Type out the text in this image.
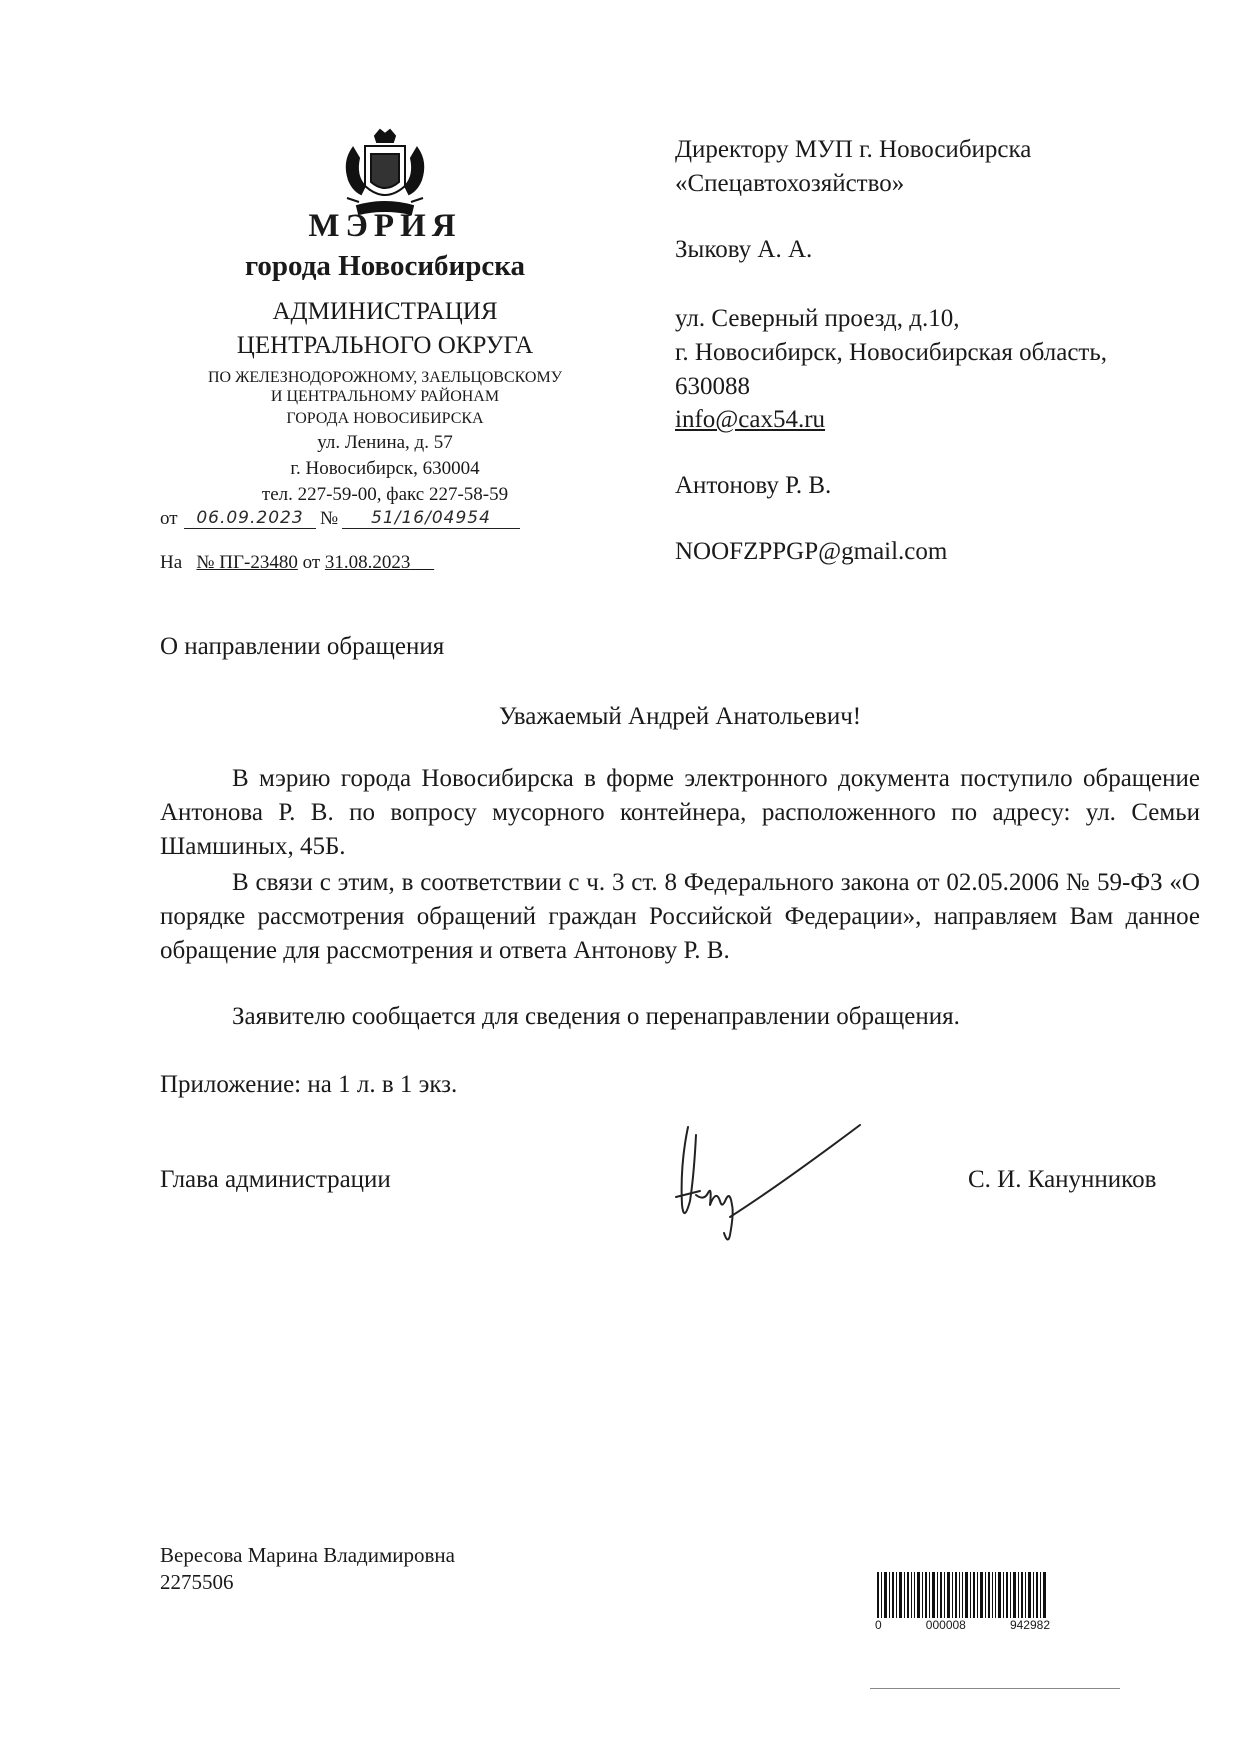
МЭРИЯ
города Новосибирска
АДМИНИСТРАЦИЯ
ЦЕНТРАЛЬНОГО ОКРУГА
ПО ЖЕЛЕЗНОДОРОЖНОМУ, ЗАЕЛЬЦОВСКОМУ
И ЦЕНТРАЛЬНОМУ РАЙОНАМ
ГОРОДА НОВОСИБИРСКА
ул. Ленина, д. 57
г. Новосибирск, 630004
тел. 227-59-00, факс 227-58-59
от	06.09.2023 №	51/16/04954
На № ПГ-23480 от 31.08.2023
Директору МУП г. Новосибирска
«Спецавтохозяйство»
Зыкову А. А.
ул. Северный проезд, д.10,
г. Новосибирск, Новосибирская область,
630088
info@cax54.ru
Антонову Р. В.
NOOFZPPGP@gmail.com
О направлении обращения
Уважаемый Андрей Анатольевич!
В мэрию города Новосибирска в форме электронного документа поступило обращение Антонова Р. В. по вопросу мусорного контейнера, расположенного по адресу: ул. Семьи Шамшиных, 45Б.
В связи с этим, в соответствии с ч. 3 ст. 8 Федерального закона от 02.05.2006 № 59-ФЗ «О порядке рассмотрения обращений граждан Российской Федерации», направляем Вам данное обращение для рассмотрения и ответа Антонову Р. В.
Заявителю сообщается для сведения о перенаправлении обращения.
Приложение: на 1 л. в 1 экз.
Глава администрации	С. И. Канунников
Вересова Марина Владимировна
2275506
0	000008	942982
